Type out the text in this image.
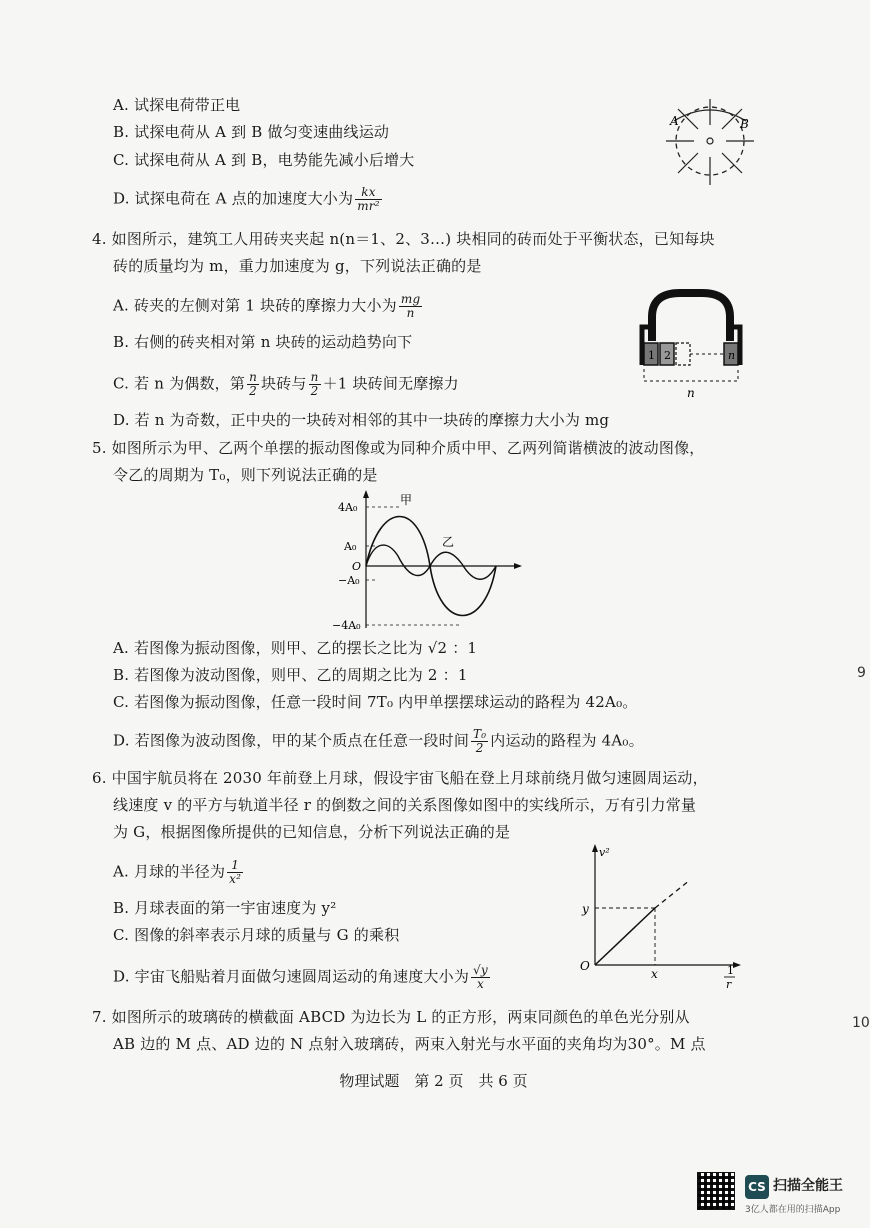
A. 试探电荷带正电
B. 试探电荷从 A 到 B 做匀变速曲线运动
C. 试探电荷从 A 到 B，电势能先减小后增大
D. 试探电荷在 A 点的加速度大小为 $\frac{kx}{\text{mr²}}$
A	B
4. 如图所示，建筑工人用砖夹夹起 n(n＝1、2、3…) 块相同的砖而处于平衡状态，已知每块
砖的质量均为 m，重力加速度为 g，下列说法正确的是
A. 砖夹的左侧对第 1 块砖的摩擦力大小为 $\frac{mg}{n}$
B. 右侧的砖夹相对第 n 块砖的运动趋势向下
C. 若 n 为偶数，第 $\frac{n}{2}$ 块砖与 $\frac{n}{2} +1$ 块砖间无摩擦力
D. 若 n 为奇数，正中央的一块砖对相邻的其中一块砖的摩擦力大小为 mg
1 2	n
n
5. 如图所示为甲、乙两个单摆的振动图像或为同种介质中甲、乙两列简谐横波的波动图像，
令乙的周期为 T₀，则下列说法正确的是
甲
乙
4A₀
A₀
O
−A₀
−4A₀
A. 若图像为振动图像，则甲、乙的摆长之比为 √2 ：1
B. 若图像为波动图像，则甲、乙的周期之比为 2 ：1
C. 若图像为振动图像，任意一段时间 7T₀ 内甲单摆摆球运动的路程为 42A₀。
D. 若图像为波动图像，甲的某个质点在任意一段时间 $\frac{\text{T₀}}{2}$ 内运动的路程为 4A₀。
6. 中国宇航员将在 2030 年前登上月球，假设宇宙飞船在登上月球前绕月做匀速圆周运动，
线速度 v 的平方与轨道半径 r 的倒数之间的关系图像如图中的实线所示，万有引力常量
为 G，根据图像所提供的已知信息，分析下列说法正确的是
A. 月球的半径为 $\frac{1}{\text{x²}}$
B. 月球表面的第一宇宙速度为 y²
C. 图像的斜率表示月球的质量与 G 的乘积
D. 宇宙飞船贴着月面做匀速圆周运动的角速度大小为 $\frac{√y}{x}$
v²
y
x
O	1
r
7. 如图所示的玻璃砖的横截面 ABCD 为边长为 L 的正方形，两束同颜色的单色光分别从
AB 边的 M 点、AD 边的 N 点射入玻璃砖，两束入射光与水平面的夹角均为30°。M 点
物理试题　第 2 页　共 6 页
9
10
CS 扫描全能王
3亿人都在用的扫描App
